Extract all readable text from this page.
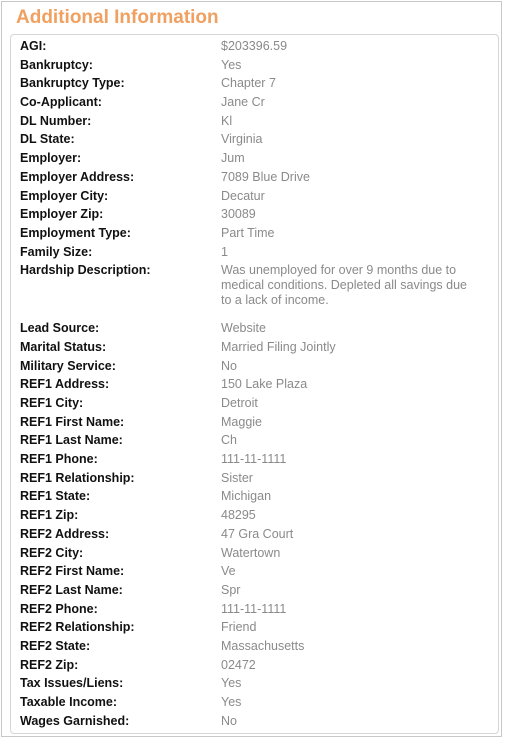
Additional Information
AGI:	$203396.59
Bankruptcy:	Yes
Bankruptcy Type:	Chapter 7
Co-Applicant:	Jane Cr
DL Number:	Kl
DL State:	Virginia
Employer:	Jum
Employer Address:	7089 Blue Drive
Employer City:	Decatur
Employer Zip:	30089
Employment Type:	Part Time
Family Size:	1
Hardship Description:	Was unemployed for over 9 months due to
medical conditions. Depleted all savings due
to a lack of income.
Lead Source:	Website
Marital Status:	Married Filing Jointly
Military Service:	No
REF1 Address:	150 Lake Plaza
REF1 City:	Detroit
REF1 First Name:	Maggie
REF1 Last Name:	Ch
REF1 Phone:	111-11-1111
REF1 Relationship:	Sister
REF1 State:	Michigan
REF1 Zip:	48295
REF2 Address:	47 Gra Court
REF2 City:	Watertown
REF2 First Name:	Ve
REF2 Last Name:	Spr
REF2 Phone:	111-11-1111
REF2 Relationship:	Friend
REF2 State:	Massachusetts
REF2 Zip:	02472
Tax Issues/Liens:	Yes
Taxable Income:	Yes
Wages Garnished:	No
